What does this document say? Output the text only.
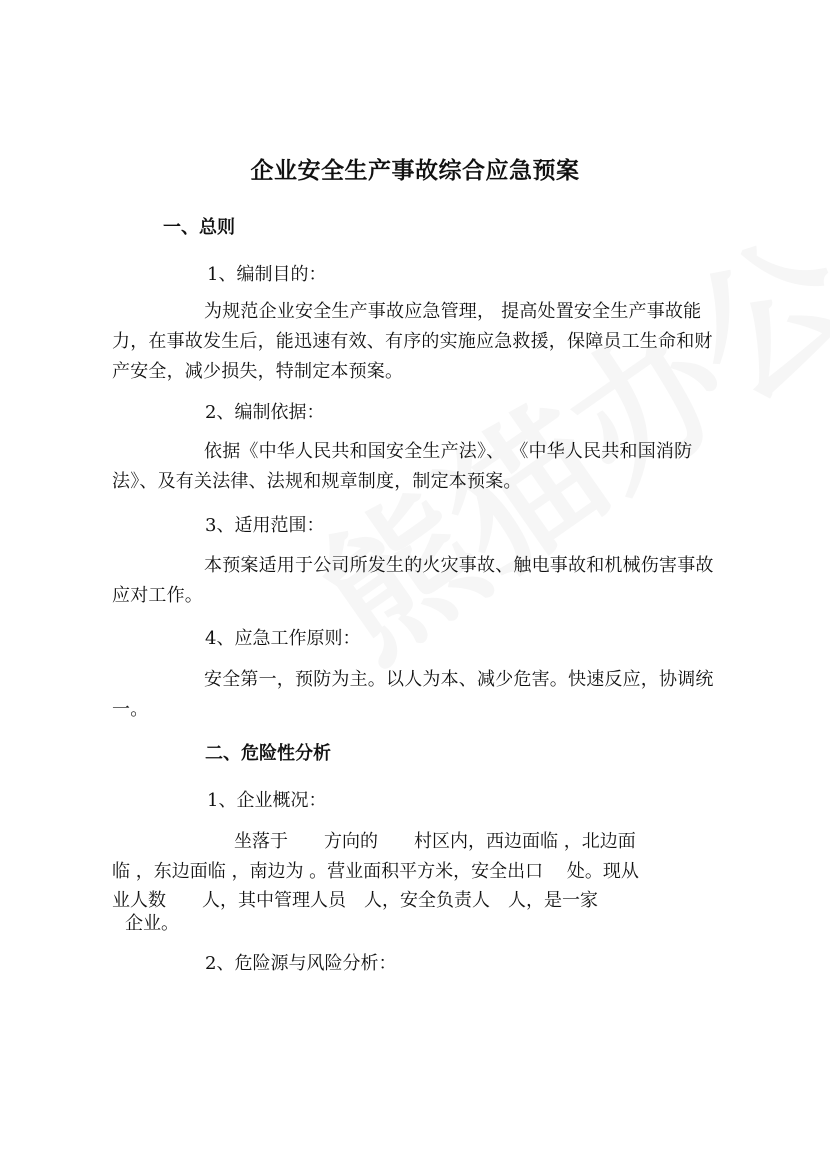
企业安全生产事故综合应急预案
一、总则
1、编制目的：
为规范企业安全生产事故应急管理， 提高处置安全生产事故能力，在事故发生后，能迅速有效、有序的实施应急救援，保障员工生命和财产安全，减少损失，特制定本预案。
2、编制依据：
依据《中华人民共和国安全生产法》、 《中华人民共和国消防法》、及有关法律、法规和规章制度，制定本预案。
3、适用范围：
本预案适用于公司所发生的火灾事故、触电事故和机械伤害事故应对工作。
4、应急工作原则：
安全第一，预防为主。以人为本、减少危害。快速反应，协调统一。
二、危险性分析
1、企业概况：
坐落于　　方向的　　村区内，西边面临 ，北边面
临 ，东边面临 ，南边为 。营业面积平方米，安全出口　 处。现从
业人数　　人，其中管理人员　人，安全负责人　人，是一家
企业。
2、危险源与风险分析：
